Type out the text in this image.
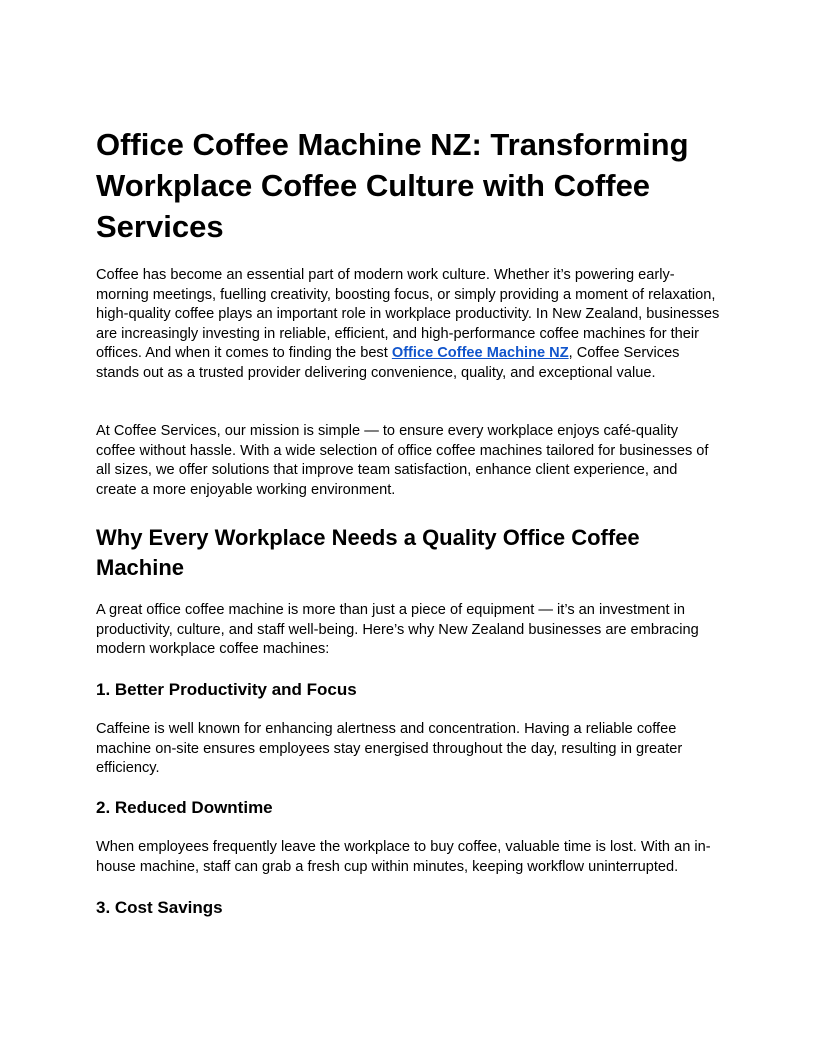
Office Coffee Machine NZ: Transforming Workplace Coffee Culture with Coffee Services

Coffee has become an essential part of modern work culture. Whether it’s powering early-morning meetings, fuelling creativity, boosting focus, or simply providing a moment of relaxation, high-quality coffee plays an important role in workplace productivity. In New Zealand, businesses are increasingly investing in reliable, efficient, and high-performance coffee machines for their offices. And when it comes to finding the best Office Coffee Machine NZ, Coffee Services stands out as a trusted provider delivering convenience, quality, and exceptional value.

At Coffee Services, our mission is simple — to ensure every workplace enjoys café-quality coffee without hassle. With a wide selection of office coffee machines tailored for businesses of all sizes, we offer solutions that improve team satisfaction, enhance client experience, and create a more enjoyable working environment.

Why Every Workplace Needs a Quality Office Coffee Machine

A great office coffee machine is more than just a piece of equipment — it’s an investment in productivity, culture, and staff well-being. Here’s why New Zealand businesses are embracing modern workplace coffee machines:

1. Better Productivity and Focus

Caffeine is well known for enhancing alertness and concentration. Having a reliable coffee machine on-site ensures employees stay energised throughout the day, resulting in greater efficiency.

2. Reduced Downtime

When employees frequently leave the workplace to buy coffee, valuable time is lost. With an in-house machine, staff can grab a fresh cup within minutes, keeping workflow uninterrupted.

3. Cost Savings
